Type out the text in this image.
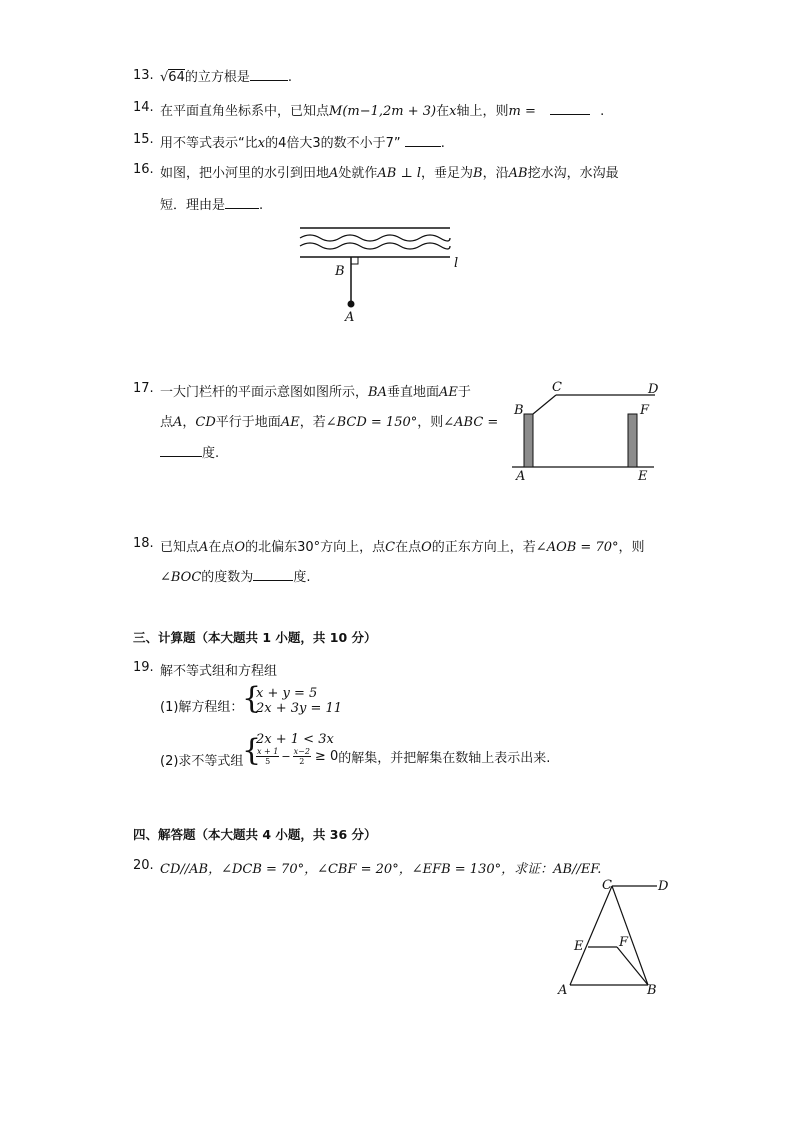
13. √64的立方根是	.
14. 在平面直角坐标系中，已知点M(m−1,2m + 3)在x轴上，则m =	.
15. 用不等式表示“比x的4倍大3的数不小于7”	.
16. 如图，把小河里的水引到田地A处就作AB ⊥ l，垂足为B，沿AB挖水沟，水沟最
短．理由是	.
B
A
l
17. 一大门栏杆的平面示意图如图所示，BA垂直地面AE于
点A，CD平行于地面AE，若∠BCD = 150°，则∠ABC =
度.
C	D
B	F
A	E
18. 已知点A在点O的北偏东30°方向上，点C在点O的正东方向上，若∠AOB = 70°，则
∠BOC的度数为	度.
三、计算题（本大题共 1 小题，共 10 分）
19. 解不等式组和方程组
(1)解方程组：
{
x + y = 5
2x + 3y = 11
(2)求不等式组
{
2x + 1 < 3x
x + 1
$5 - \frac{x-2}{2} \ge 0$ 的解集，并把解集在数轴上表示出来.
四、解答题（本大题共 4 小题，共 36 分）
20. CD//AB，∠DCB = 70°，∠CBF = 20°，∠EFB = 130°，求证：AB//EF.
C	D
E	F
A	B
